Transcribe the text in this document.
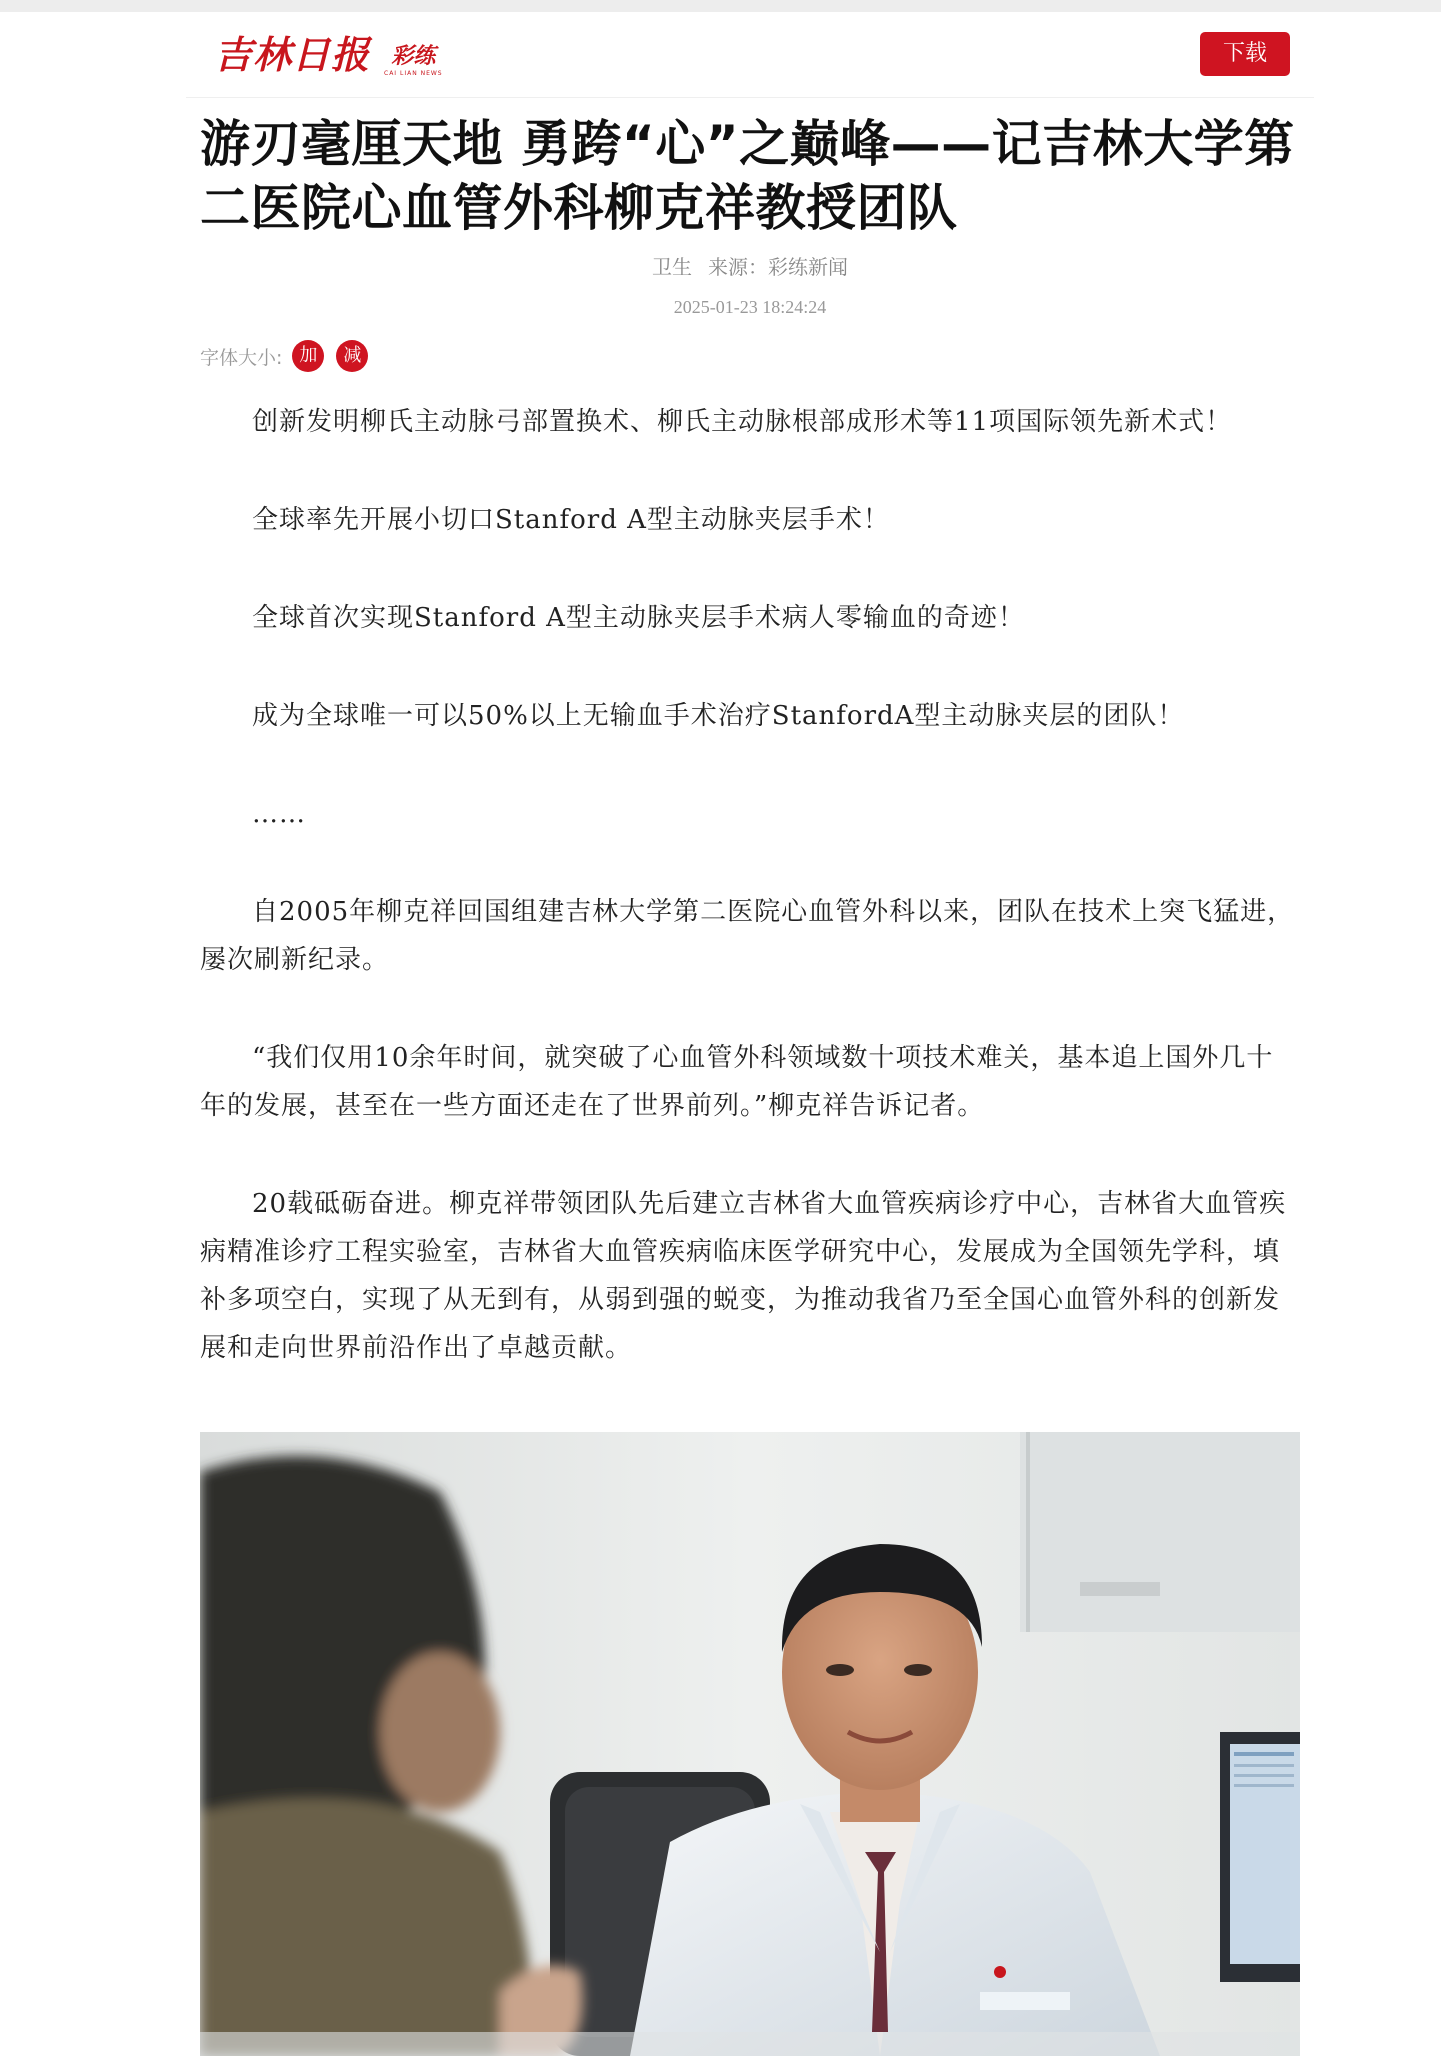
吉林日报 彩练
CAI LIAN NEWS
下载
游刃毫厘天地 勇跨“心”之巅峰——记吉林大学第二医院心血管外科柳克祥教授团队
卫生 来源：彩练新闻
2025-01-23 18:24:24
字体大小: 加	减

创新发明柳氏主动脉弓部置换术、柳氏主动脉根部成形术等11项国际领先新术式！

全球率先开展小切口Stanford A型主动脉夹层手术！

全球首次实现Stanford A型主动脉夹层手术病人零输血的奇迹！

成为全球唯一可以50%以上无输血手术治疗StanfordA型主动脉夹层的团队！

……

自2005年柳克祥回国组建吉林大学第二医院心血管外科以来，团队在技术上突飞猛进，屡次刷新纪录。

“我们仅用10余年时间，就突破了心血管外科领域数十项技术难关，基本追上国外几十年的发展，甚至在一些方面还走在了世界前列。”柳克祥告诉记者。

20载砥砺奋进。柳克祥带领团队先后建立吉林省大血管疾病诊疗中心，吉林省大血管疾病精准诊疗工程实验室，吉林省大血管疾病临床医学研究中心，发展成为全国领先学科，填补多项空白，实现了从无到有，从弱到强的蜕变，为推动我省乃至全国心血管外科的创新发展和走向世界前沿作出了卓越贡献。
